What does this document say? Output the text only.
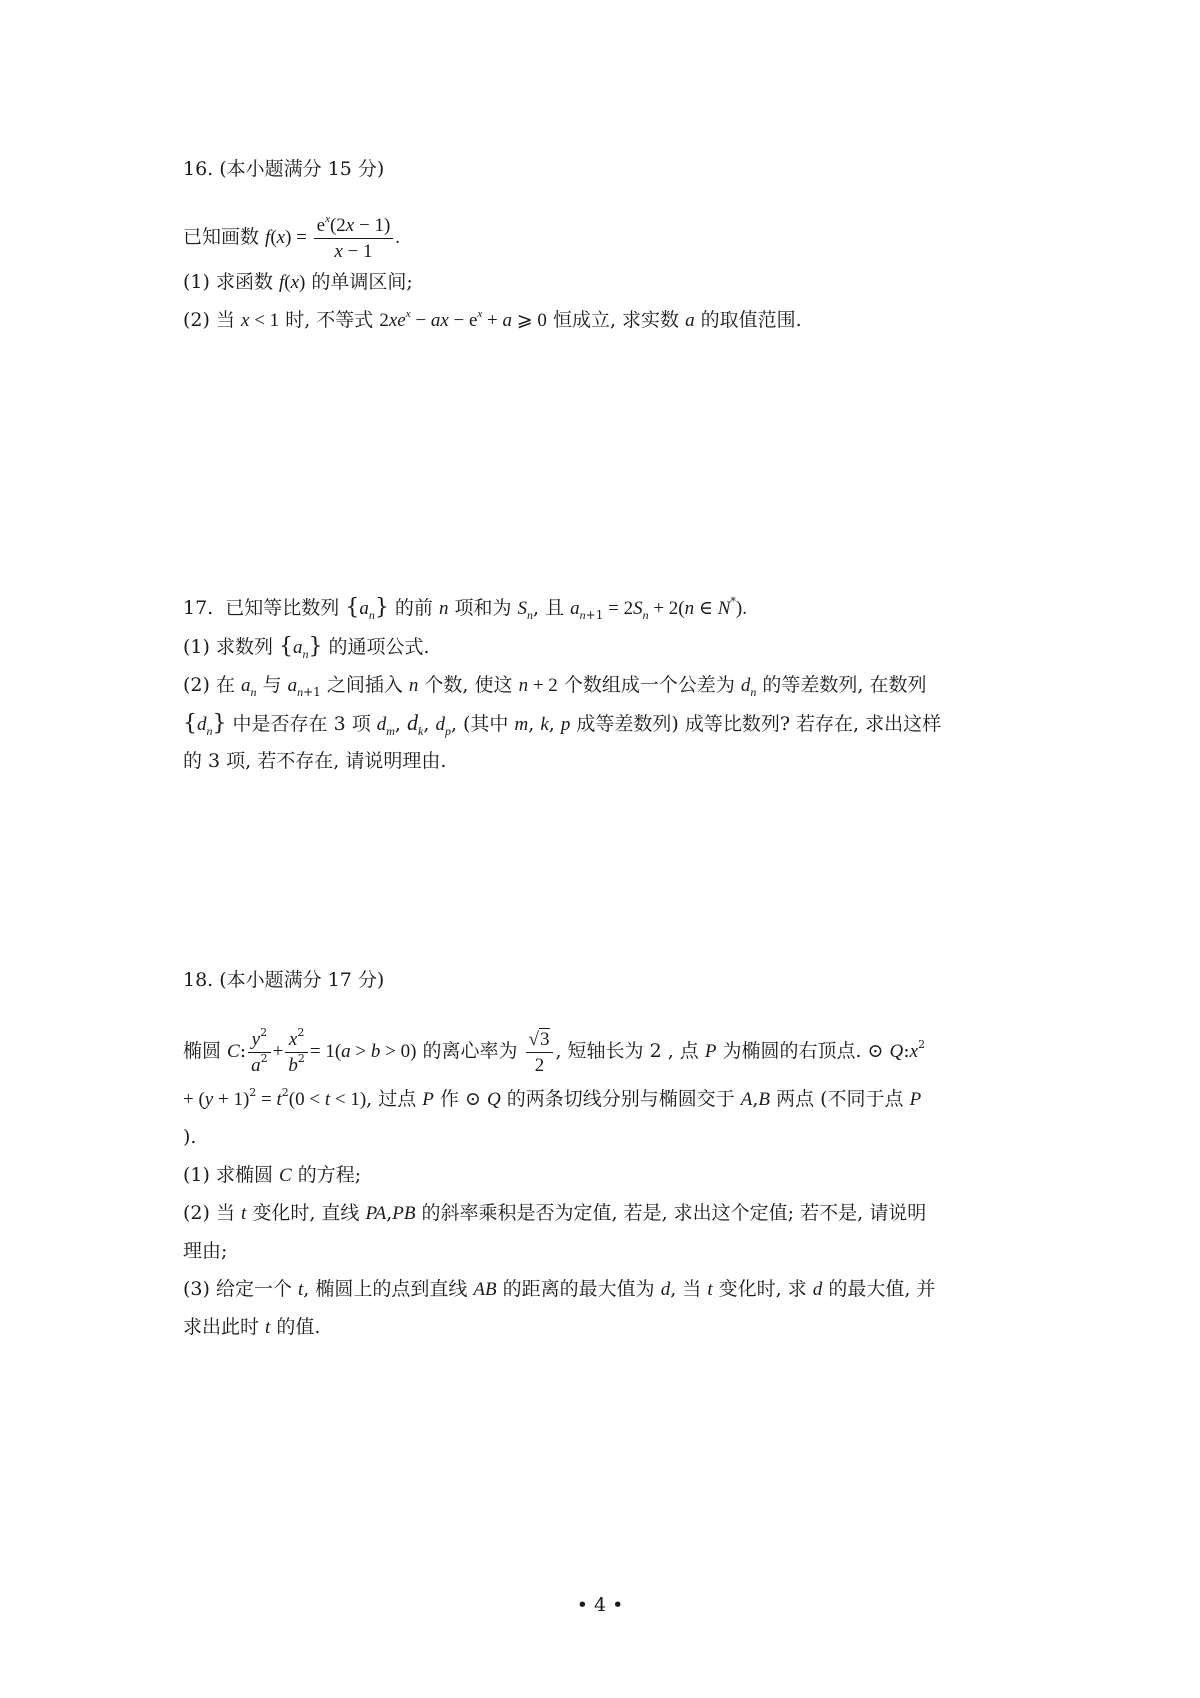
16. (本小题满分 15 分)
已知画数 $f(x) = \frac{e^x(2x - 1)}{x - 1}$ .
(1) 求函数 f(x) 的单调区间;
(2) 当 x < 1 时, 不等式 $2xe^x$ − ax − $e^x + a$ ⩾ 0 恒成立, 求实数 a 的取值范围.
17.  已知等比数列 $\{a_n\}$ 的前 n 项和为 $S_n$, 且 $a_{n+1} = 2S_n + 2(n$ ∈ N*).
(1) 求数列 $\{a_n\}$ 的通项公式.
(2) 在 $a_n$ 与 $a_{n+1}$ 之间插入 n 个数, 使这 n + 2 个数组成一个公差为 $d_n$ 的等差数列, 在数列
$\{d_n\}$ 中是否存在 3 项 $d_m$, $d_k$, $d_p$, (其中 m, k, p 成等差数列) 成等比数列? 若存在, 求出这样
的 3 项, 若不存在, 请说明理由.
18. (本小题满分 17 分)
椭圆 C: $\frac{y^2}{a^2} + \frac{x^2}{b^2} = 1(a > b > 0)$ 的离心率为 $\frac{√3}{2}$ , 短轴长为 2 , 点 P 为椭圆的右顶点. ⊙ $Q:x^2$
+ $(y + 1)^2 = t^2(0 < t < 1)$, 过点 P 作 ⊙ Q 的两条切线分别与椭圆交于 A,B 两点 (不同于点 P
).
(1) 求椭圆 C 的方程;
(2) 当 t 变化时, 直线 PA,PB 的斜率乘积是否为定值, 若是, 求出这个定值; 若不是, 请说明
理由;
(3) 给定一个 t, 椭圆上的点到直线 AB 的距离的最大值为 d, 当 t 变化时, 求 d 的最大值, 并
求出此时 t 的值.
• 4 •
